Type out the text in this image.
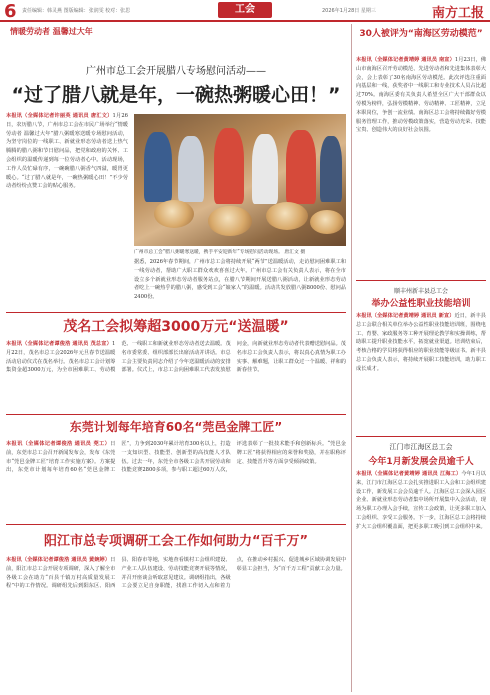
6 责任编辑：韩灵燕 图版编辑：张润雯 校对：张思	工会	2026年1月28日 星期三	南方工报
情暖劳动者 温馨过大年
广州市总工会开展腊八专场慰问活动——
“过了腊八就是年，一碗热粥暖心田！”
本报讯（全媒体记者许丽英 通讯员 唐汇文）1月26日，农历腊八节，广州市总工会在市民广场举行“情暖劳动者 温馨过大年”腊八粥暖寒送暖专场慰问活动，为坚守岗位的一线职工、新就业形态劳动者送上热气腾腾的腊八粥和节日慰问品，把党和政府的关怀、工会组织的温暖传递到每一位劳动者心中。活动现场，工作人员忙碌有序，一碗碗腊八粥香气四溢，暖胃更暖心。“过了腊八就是年，一碗热粥暖心田！”不少劳动者纷纷点赞工会的贴心服务。
广州市总工会“腊八粥暖寒送暖，携手平安迎新年”专场慰问活动现场。 唐汇文 摄
据悉，2026年春节期间，广州市总工会将持续开展“两节”送温暖活动，走访慰问困难职工和一线劳动者，帮助广大职工群众欢欢喜喜过大年。广州市总工会有关负责人表示，将在全市设立多个新就业形态劳动者服务站点，在腊八节期间开展送腊八粥活动，让新就业形态劳动者吃上一碗热乎的腊八粥，感受到工会“娘家人”的温暖。活动共发放腊八粥8000份、慰问品2400份。
茂名工会拟筹超3000万元“送温暖”
本报讯（全媒体记者谭俊浩 通讯员 茂总宣）1月22日，茂名市总工会2026年元旦春节送温暖活动启动仪式在茂名举行。茂名市总工会计划筹集资金超3000万元，为全市困难职工、劳动模范、一线职工和新就业形态劳动者送去温暖。茂名市委常委、组织部部长出席活动并讲话。市总工会主要负责同志介绍了今年送温暖活动的安排部署。仪式上，市总工会向困难职工代表发放慰问金，向新就业形态劳动者代表赠送慰问品。茂名市总工会负责人表示，将以真心真情为职工办实事、解难题，让职工群众过一个温暖、祥和的新春佳节。
东莞计划每年培育60名“莞邑金牌工匠”
本报讯（全媒体记者谭俊浩 通讯员 莞工）日前，东莞市总工会召开新闻发布会，发布《东莞市“莞邑金牌工匠”培育工作实施方案》。方案提出，东莞市计划每年培育60名“莞邑金牌工匠”，力争到2030年累计培育300名以上，打造一支知识型、技能型、创新型的高技能人才队伍。过去一年，东莞全市各级工会共开展劳动和技能竞赛2800多项，参与职工超过60万人次，评选表彰了一批技术能手和创新标兵。“莞邑金牌工匠”将获得相应的荣誉和奖励，并在职称评定、技能晋升等方面享受倾斜政策。
阳江市总专项调研工会工作如何助力“百千万”
本报讯（全媒体记者谭俊浩 通讯员 黄婉婷）日前，阳江市总工会开展专项调研，深入了解全市各级工会在助力“百县千镇万村高质量发展工程”中的工作情况。调研组先后到阳东区、阳西县、阳春市等地，实地查看镇村工会组织建设、产业工人队伍建设、劳动技能竞赛开展等情况，并召开座谈会听取意见建议。调研组指出，各级工会要立足自身职能，找准工作切入点和着力点，在推动乡村振兴、促进城乡区域协调发展中彰显工会担当，为“百千万工程”贡献工会力量。
30人被评为“南海区劳动模范”
本报讯（全媒体记者黄靖婷 通讯员 南宣）1月23日，佛山市南海区召开劳动模范、先进劳动者和先进集体表彰大会，会上表彰了30名南海区劳动模范。此次评选注重面向基层和一线，获奖者中一线职工和专业技术人员占比超过70%。南海区委有关负责人希望全区广大干部群众以劳模为榜样，弘扬劳模精神、劳动精神、工匠精神，立足本职岗位，争创一流业绩。南海区总工会将持续做好劳模服务管理工作，推动劳模政策落实，营造劳动光荣、技能宝贵、创造伟大的良好社会氛围。
顺丰州新丰县总工会
举办公益性职业技能培训
本报讯（全媒体记者黄靖婷 通讯员 新宣）近日，新丰县总工会联合相关单位举办公益性职业技能培训班，围绕电工、育婴、家政服务等工种开展理论教学和实操训练，帮助职工提升职业技能水平，拓宽就业渠道。培训结束后，考核合格的学员将获得相应的职业技能等级证书。新丰县总工会负责人表示，将持续开展职工技能培训，助力职工成长成才。
江门市江海区总工会
今年1月新发展会员逾千人
本报讯（全媒体记者黄靖婷 通讯员 江海工）今年1月以来，江门市江海区总工会扎实推进职工入会和工会组织建设工作，新发展工会会员逾千人。江海区总工会深入园区企业、新就业形态劳动者集中场所开展集中入会活动，现场为职工办理入会手续，宣传工会政策，让更多职工加入工会组织、享受工会服务。下一步，江海区总工会将持续扩大工会组织覆盖面，把更多职工吸引到工会组织中来。
